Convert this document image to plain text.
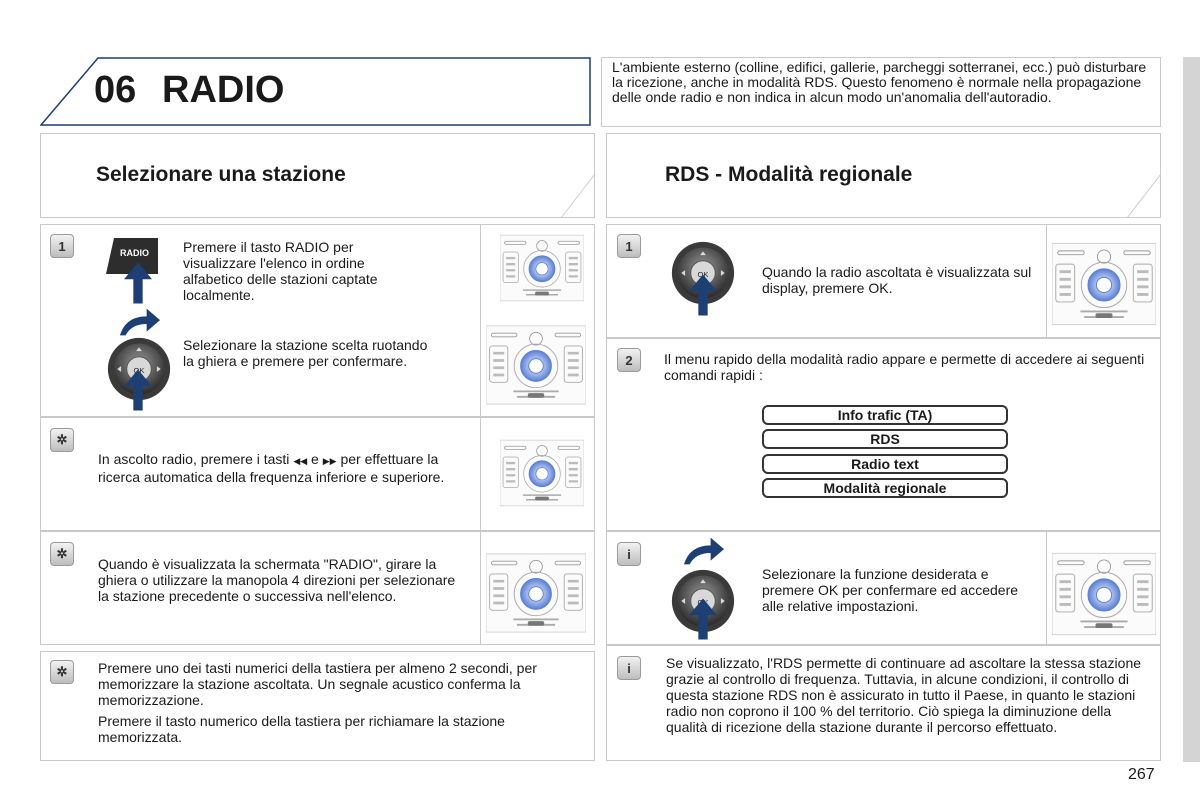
06 RADIO
L'ambiente esterno (colline, edifici, gallerie, parcheggi sotterranei, ecc.) può disturbare la ricezione, anche in modalità RDS. Questo fenomeno è normale nella propagazione delle onde radio e non indica in alcun modo un'anomalia dell'autoradio.
Selezionare una stazione
1	RADIO Premere il tasto RADIO per visualizzare l'elenco in ordine alfabetico delle stazioni captate localmente.
Selezionare la stazione scelta ruotando la ghiera e premere per confermare.
✲
In ascolto radio, premere i tasti ◀◀ e ▶▶ per effettuare la ricerca automatica della frequenza inferiore e superiore.
✲
Quando è visualizzata la schermata "RADIO", girare la ghiera o utilizzare la manopola 4 direzioni per selezionare la stazione precedente o successiva nell'elenco.
✲ Premere uno dei tasti numerici della tastiera per almeno 2 secondi, per memorizzare la stazione ascoltata. Un segnale acustico conferma la memorizzazione.
Premere il tasto numerico della tastiera per richiamare la stazione memorizzata.
RDS - Modalità regionale
1
Quando la radio ascoltata è visualizzata sul display, premere OK.
2 Il menu rapido della modalità radio appare e permette di accedere ai seguenti comandi rapidi :
Info trafic (TA)
RDS
Radio text
Modalità regionale
i
Selezionare la funzione desiderata e premere OK per confermare ed accedere alle relative impostazioni.
i	Se visualizzato, l'RDS permette di continuare ad ascoltare la stessa stazione grazie al controllo di frequenza. Tuttavia, in alcune condizioni, il controllo di questa stazione RDS non è assicurato in tutto il Paese, in quanto le stazioni radio non coprono il 100 % del territorio. Ciò spiega la diminuzione della qualità di ricezione della stazione durante il percorso effettuato.
267
